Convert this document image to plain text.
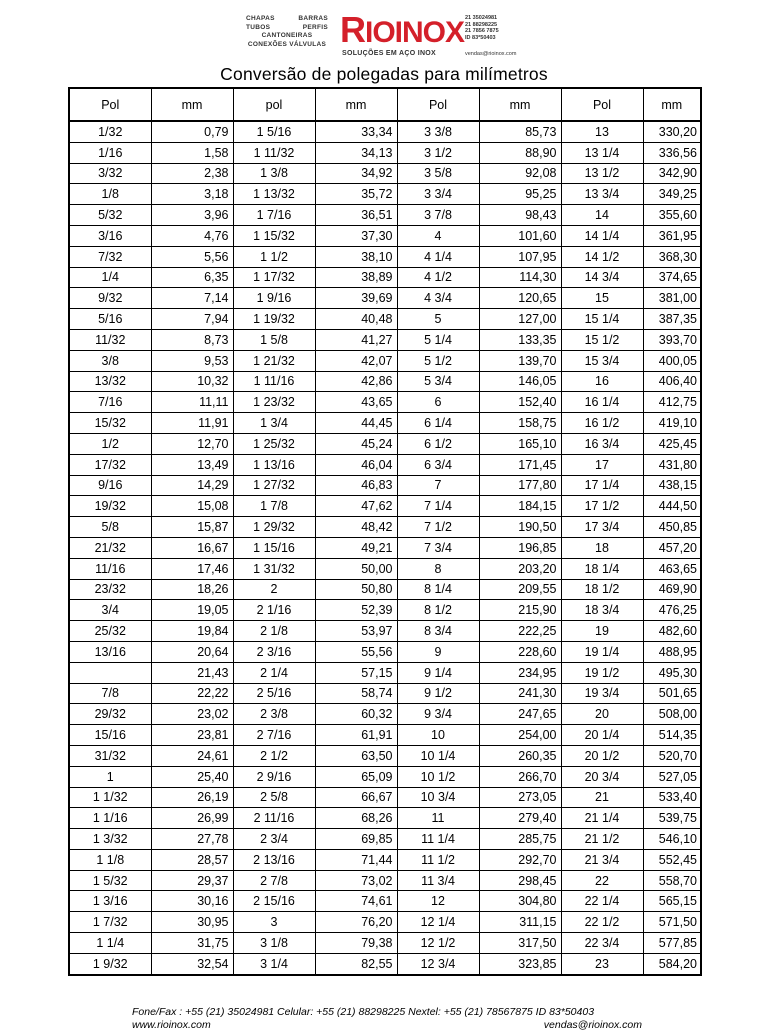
CHAPAS	BARRAS
TUBOS	PERFIS
CANTONEIRAS
CONEXÕES VÁLVULAS RIOINOX
SOLUÇÕES EM AÇO INOX
21 35024981
21 88298225
21 7856 7875
ID 83*50403
vendas@rioinox.com
Conversão de polegadas para milímetros
Pol	mm	pol	mm	Pol	mm	Pol	mm
1/32	0,79	1 5/16	33,34	3 3/8	85,73	13	330,20
1/16	1,58	1 11/32	34,13	3 1/2	88,90	13 1/4	336,56
3/32	2,38	1 3/8	34,92	3 5/8	92,08	13 1/2	342,90
1/8	3,18	1 13/32	35,72	3 3/4	95,25	13 3/4	349,25
5/32	3,96	1 7/16	36,51	3 7/8	98,43	14	355,60
3/16	4,76	1 15/32	37,30	4	101,60	14 1/4	361,95
7/32	5,56	1 1/2	38,10	4 1/4	107,95	14 1/2	368,30
1/4	6,35	1 17/32	38,89	4 1/2	114,30	14 3/4	374,65
9/32	7,14	1 9/16	39,69	4 3/4	120,65	15	381,00
5/16	7,94	1 19/32	40,48	5	127,00	15 1/4	387,35
11/32	8,73	1 5/8	41,27	5 1/4	133,35	15 1/2	393,70
3/8	9,53	1 21/32	42,07	5 1/2	139,70	15 3/4	400,05
13/32	10,32	1 11/16	42,86	5 3/4	146,05	16	406,40
7/16	11,11	1 23/32	43,65	6	152,40	16 1/4	412,75
15/32	11,91	1 3/4	44,45	6 1/4	158,75	16 1/2	419,10
1/2	12,70	1 25/32	45,24	6 1/2	165,10	16 3/4	425,45
17/32	13,49	1 13/16	46,04	6 3/4	171,45	17	431,80
9/16	14,29	1 27/32	46,83	7	177,80	17 1/4	438,15
19/32	15,08	1 7/8	47,62	7 1/4	184,15	17 1/2	444,50
5/8	15,87	1 29/32	48,42	7 1/2	190,50	17 3/4	450,85
21/32	16,67	1 15/16	49,21	7 3/4	196,85	18	457,20
11/16	17,46	1 31/32	50,00	8	203,20	18 1/4	463,65
23/32	18,26	2	50,80	8 1/4	209,55	18 1/2	469,90
3/4	19,05	2 1/16	52,39	8 1/2	215,90	18 3/4	476,25
25/32	19,84	2 1/8	53,97	8 3/4	222,25	19	482,60
13/16	20,64	2 3/16	55,56	9	228,60	19 1/4	488,95
	21,43	2 1/4	57,15	9 1/4	234,95	19 1/2	495,30
7/8	22,22	2 5/16	58,74	9 1/2	241,30	19 3/4	501,65
29/32	23,02	2 3/8	60,32	9 3/4	247,65	20	508,00
15/16	23,81	2 7/16	61,91	10	254,00	20 1/4	514,35
31/32	24,61	2 1/2	63,50	10 1/4	260,35	20 1/2	520,70
1	25,40	2 9/16	65,09	10 1/2	266,70	20 3/4	527,05
1 1/32	26,19	2 5/8	66,67	10 3/4	273,05	21	533,40
1 1/16	26,99	2 11/16	68,26	11	279,40	21 1/4	539,75
1 3/32	27,78	2 3/4	69,85	11 1/4	285,75	21 1/2	546,10
1 1/8	28,57	2 13/16	71,44	11 1/2	292,70	21 3/4	552,45
1 5/32	29,37	2 7/8	73,02	11 3/4	298,45	22	558,70
1 3/16	30,16	2 15/16	74,61	12	304,80	22 1/4	565,15
1 7/32	30,95	3	76,20	12 1/4	311,15	22 1/2	571,50
1 1/4	31,75	3 1/8	79,38	12 1/2	317,50	22 3/4	577,85
1 9/32	32,54	3 1/4	82,55	12 3/4	323,85	23	584,20
Fone/Fax : +55 (21) 35024981 Celular: +55 (21) 88298225 Nextel: +55 (21) 78567875 ID 83*50403
www.rioinox.com	vendas@rioinox.com
